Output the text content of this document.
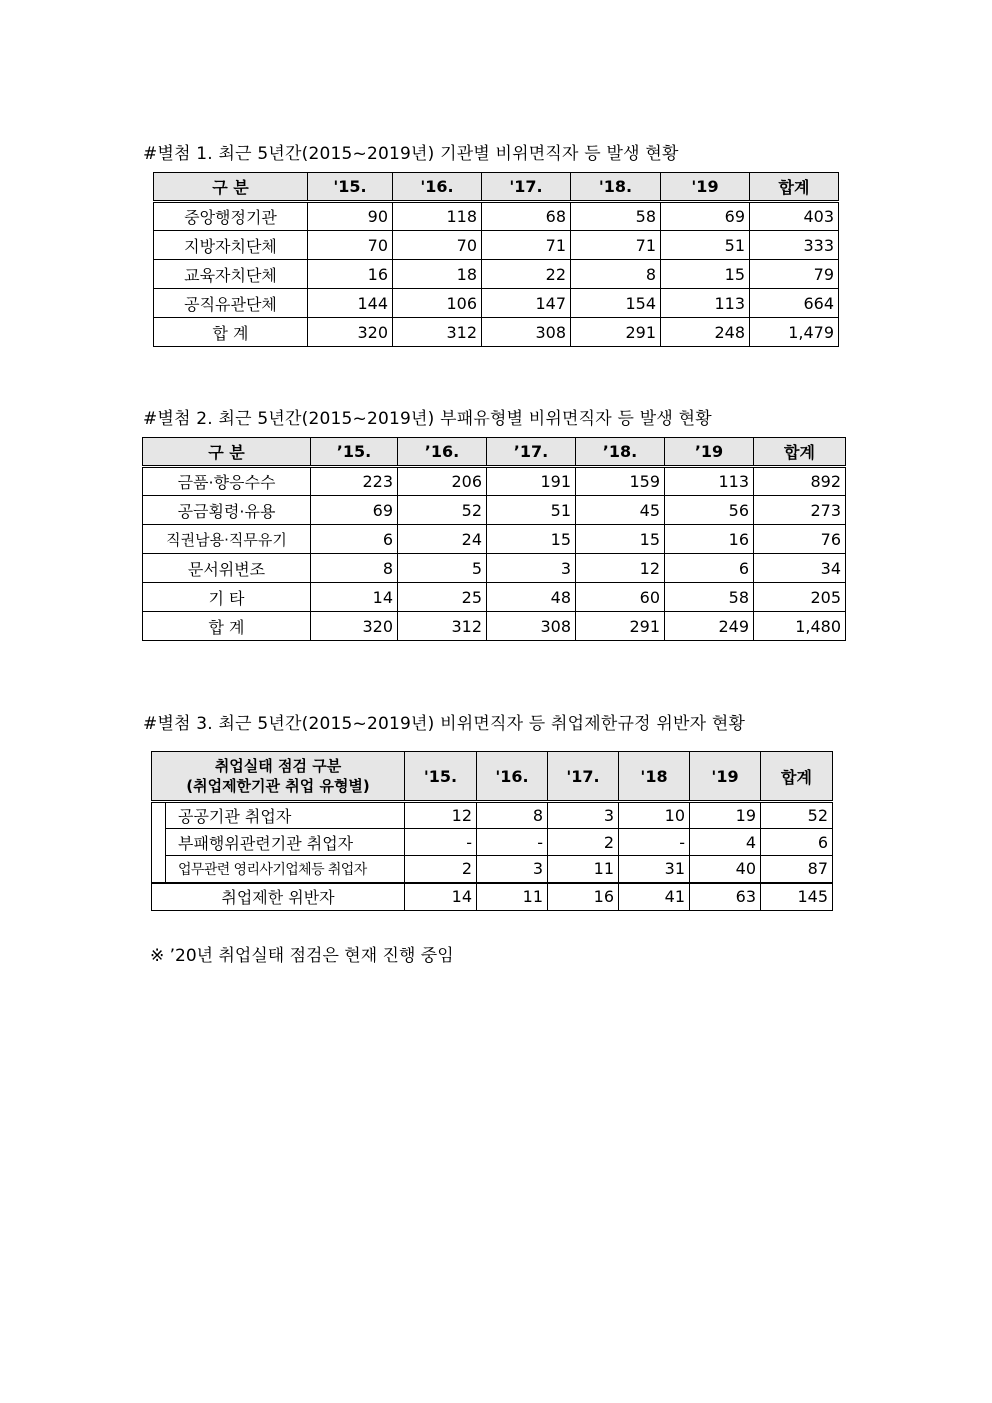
#별첨 1. 최근 5년간(2015~2019년) 기관별 비위면직자 등 발생 현황
구 분	'15.	'16.	'17.	'18.	'19	합계
중앙행정기관	90	118	68	58	69	403
지방자치단체	70	70	71	71	51	333
교육자치단체	16	18	22	8	15	79
공직유관단체	144	106	147	154	113	664
합 계	320	312	308	291	248	1,479
#별첨 2. 최근 5년간(2015~2019년) 부패유형별 비위면직자 등 발생 현황
구 분	’15.	’16.	’17.	’18.	’19	합계
금품·향응수수	223	206	191	159	113	892
공금횡령·유용	69	52	51	45	56	273
직권남용·직무유기	6	24	15	15	16	76
문서위변조	8	5	3	12	6	34
기 타	14	25	48	60	58	205
합 계	320	312	308	291	249	1,480
#별첨 3. 최근 5년간(2015~2019년) 비위면직자 등 취업제한규정 위반자 현황
취업실태 점검 구분
(취업제한기관 취업 유형별)		'15.	'16.	'17.	'18	'19	합계
	공공기관 취업자	12	8	3	10	19	52
	부패행위관련기관 취업자	-	-	2	-	4	6
	업무관련 영리사기업체등 취업자	2	3	11	31	40	87
취업제한 위반자		14	11	16	41	63	145
※ ’20년 취업실태 점검은 현재 진행 중임
